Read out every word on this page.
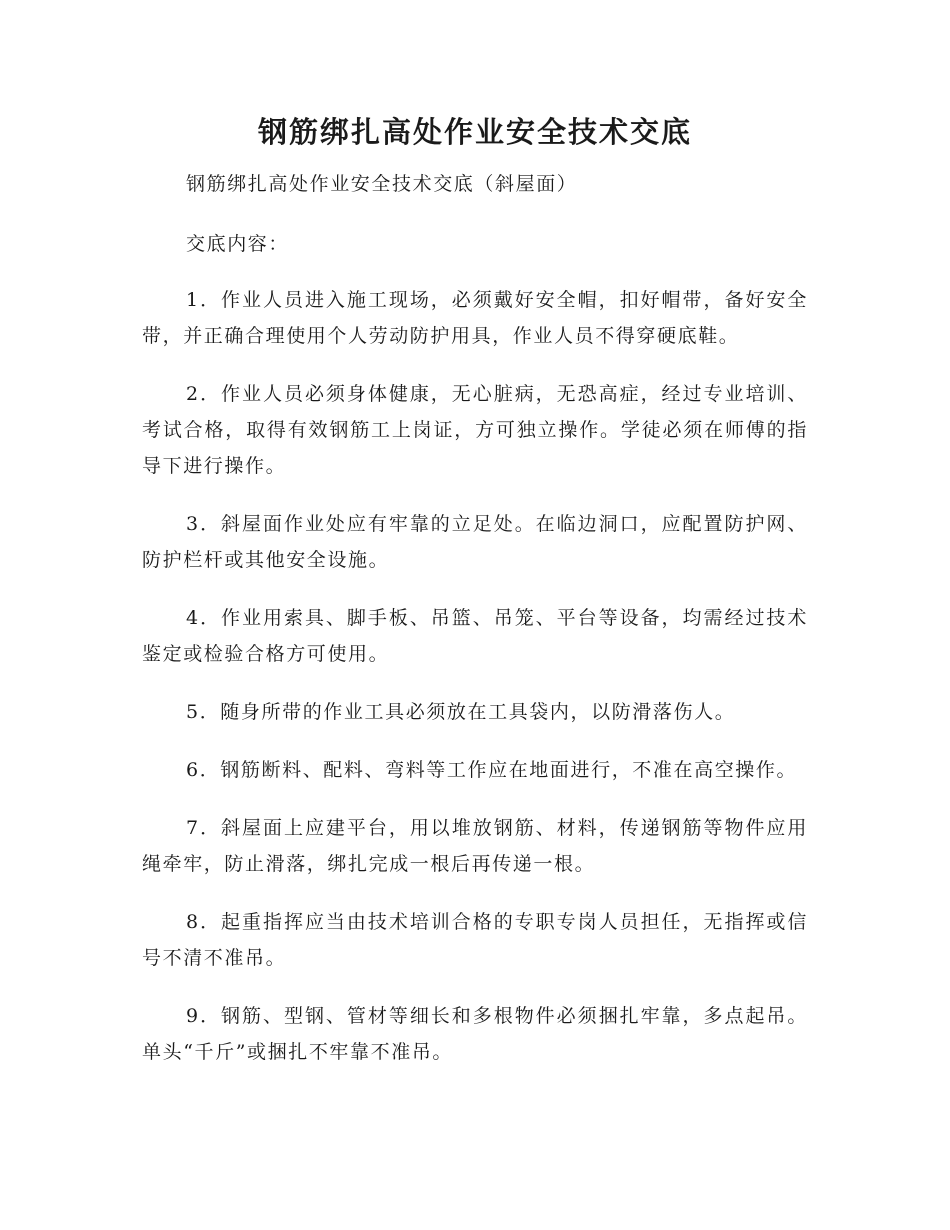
钢筋绑扎高处作业安全技术交底

钢筋绑扎高处作业安全技术交底（斜屋面）

交底内容：

1．作业人员进入施工现场，必须戴好安全帽，扣好帽带，备好安全带，并正确合理使用个人劳动防护用具，作业人员不得穿硬底鞋。

2．作业人员必须身体健康，无心脏病，无恐高症，经过专业培训、考试合格，取得有效钢筋工上岗证，方可独立操作。学徒必须在师傅的指导下进行操作。

3．斜屋面作业处应有牢靠的立足处。在临边洞口，应配置防护网、防护栏杆或其他安全设施。

4．作业用索具、脚手板、吊篮、吊笼、平台等设备，均需经过技术鉴定或检验合格方可使用。

5．随身所带的作业工具必须放在工具袋内，以防滑落伤人。

6．钢筋断料、配料、弯料等工作应在地面进行，不准在高空操作。

7．斜屋面上应建平台，用以堆放钢筋、材料，传递钢筋等物件应用绳牵牢，防止滑落，绑扎完成一根后再传递一根。

8．起重指挥应当由技术培训合格的专职专岗人员担任，无指挥或信号不清不准吊。

9．钢筋、型钢、管材等细长和多根物件必须捆扎牢靠，多点起吊。单头“千斤”或捆扎不牢靠不准吊。
